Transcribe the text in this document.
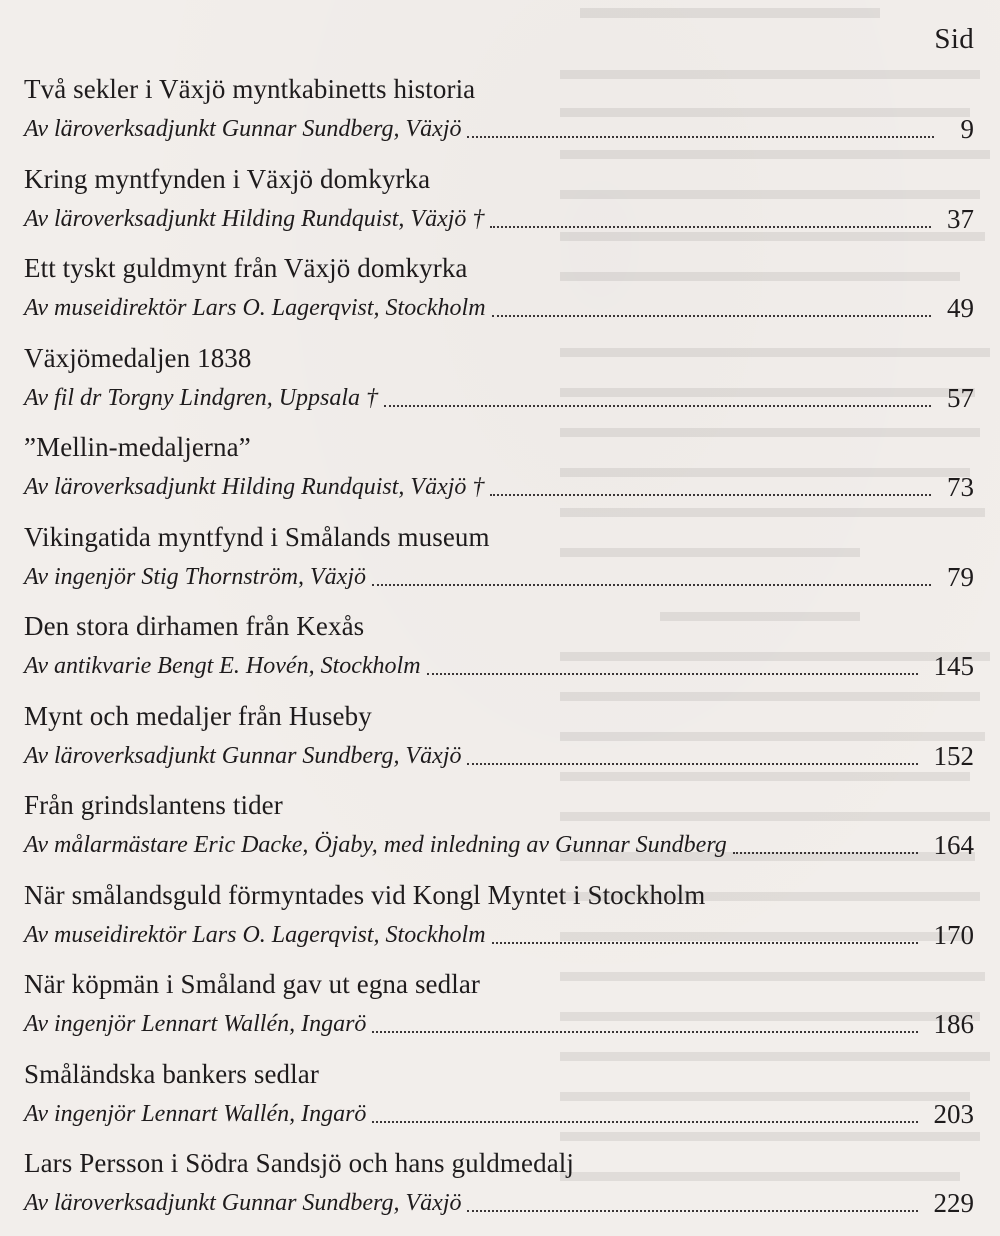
Sid
Två sekler i Växjö myntkabinetts historia
Av läroverksadjunkt Gunnar Sundberg, Växjö	9
Kring myntfynden i Växjö domkyrka
Av läroverksadjunkt Hilding Rundquist, Växjö †	37
Ett tyskt guldmynt från Växjö domkyrka
Av museidirektör Lars O. Lagerqvist, Stockholm	49
Växjömedaljen 1838
Av fil dr Torgny Lindgren, Uppsala †	57
”Mellin-medaljerna”
Av läroverksadjunkt Hilding Rundquist, Växjö †	73
Vikingatida myntfynd i Smålands museum
Av ingenjör Stig Thornström, Växjö	79
Den stora dirhamen från Kexås
Av antikvarie Bengt E. Hovén, Stockholm	145
Mynt och medaljer från Huseby
Av läroverksadjunkt Gunnar Sundberg, Växjö	152
Från grindslantens tider
Av målarmästare Eric Dacke, Öjaby, med inledning av Gunnar Sundberg	164
När smålandsguld förmyntades vid Kongl Myntet i Stockholm
Av museidirektör Lars O. Lagerqvist, Stockholm	170
När köpmän i Småland gav ut egna sedlar
Av ingenjör Lennart Wallén, Ingarö	186
Småländska bankers sedlar
Av ingenjör Lennart Wallén, Ingarö	203
Lars Persson i Södra Sandsjö och hans guldmedalj
Av läroverksadjunkt Gunnar Sundberg, Växjö	229
